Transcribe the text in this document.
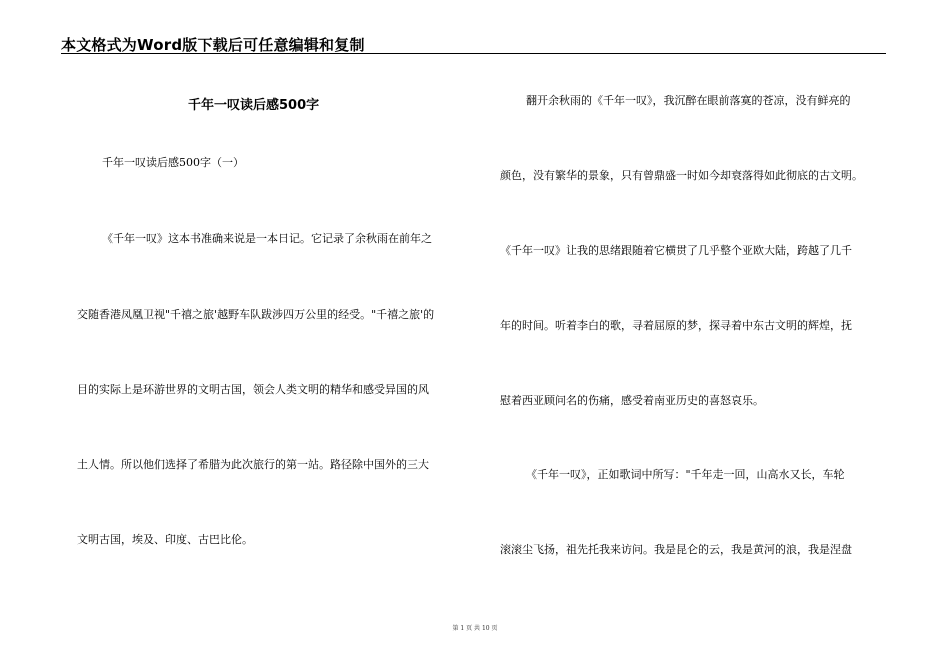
本文格式为Word版下载后可任意编辑和复制
千年一叹读后感500字
千年一叹读后感500字（一）
《千年一叹》这本书准确来说是一本日记。它记录了余秋雨在前年之
交随香港凤凰卫视"千禧之旅'越野车队跋涉四万公里的经受。"千禧之旅'的
目的实际上是环游世界的文明古国，领会人类文明的精华和感受异国的风
土人情。所以他们选择了希腊为此次旅行的第一站。路径除中国外的三大
文明古国，埃及、印度、古巴比伦。
翻开余秋雨的《千年一叹》，我沉醉在眼前落寞的苍凉，没有鲜亮的
颜色，没有繁华的景象，只有曾鼎盛一时如今却衰落得如此彻底的古文明。
《千年一叹》让我的思绪跟随着它横贯了几乎整个亚欧大陆，跨越了几千
年的时间。听着李白的歌，寻着屈原的梦，探寻着中东古文明的辉煌，抚
慰着西亚顾问名的伤痛，感受着南亚历史的喜怒哀乐。
《千年一叹》，正如歌词中所写："千年走一回，山高水又长，车轮
滚滚尘飞扬，祖先托我来访问。我是昆仑的云，我是黄河的浪，我是涅盘
第 1 页 共 10 页
